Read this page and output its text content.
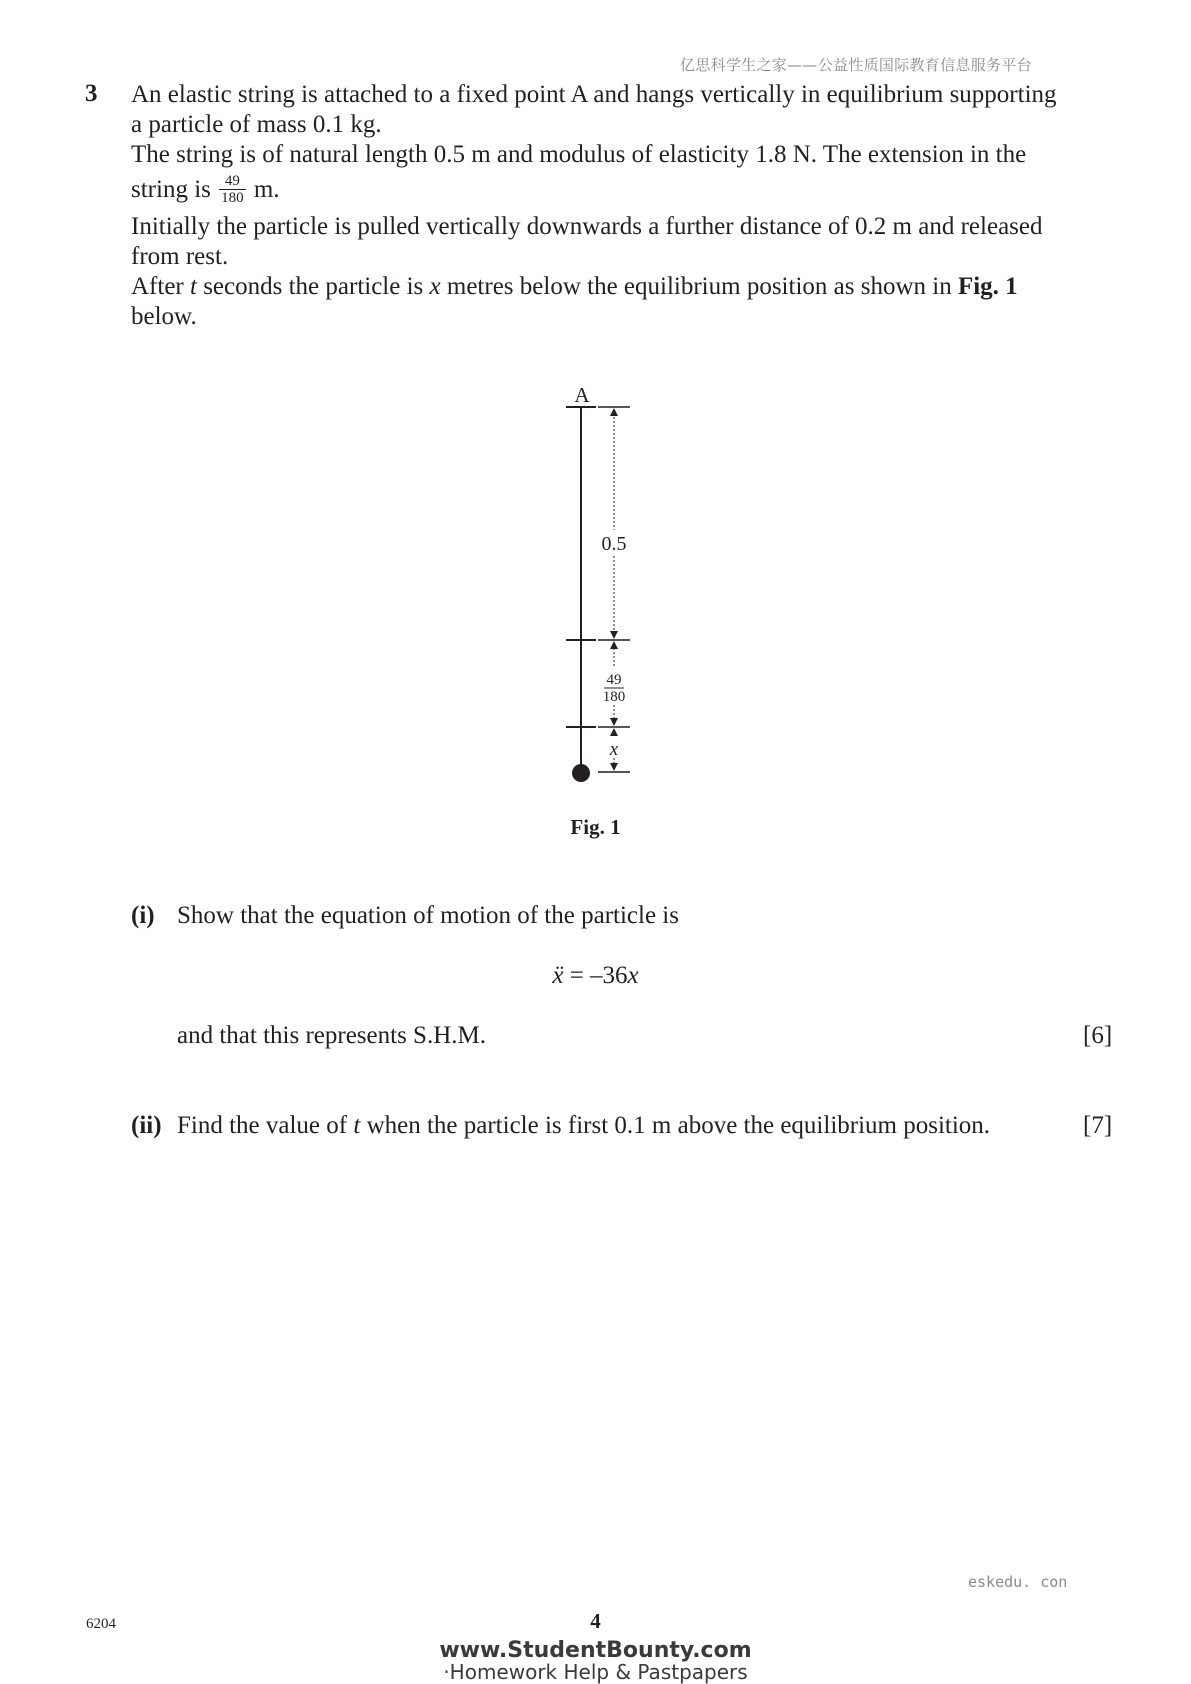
亿思科学生之家——公益性质国际教育信息服务平台
3 An elastic string is attached to a fixed point A and hangs vertically in equilibrium supporting
a particle of mass 0.1 kg.
The string is of natural length 0.5 m and modulus of elasticity 1.8 N. The extension in the
string is $\frac{49}{180} m$.
Initially the particle is pulled vertically downwards a further distance of 0.2 m and released
from rest.
After t seconds the particle is x metres below the equilibrium position as shown in Fig. 1
below.
A
0.5
49
180
x
Fig. 1
(i) Show that the equation of motion of the particle is
ẍ = –36x
and that this represents S.H.M.	[6]
(ii) Find the value of t when the particle is first 0.1 m above the equilibrium position.	[7]
eskedu. con
6204	4
www.StudentBounty.com
·Homework Help & Pastpapers
